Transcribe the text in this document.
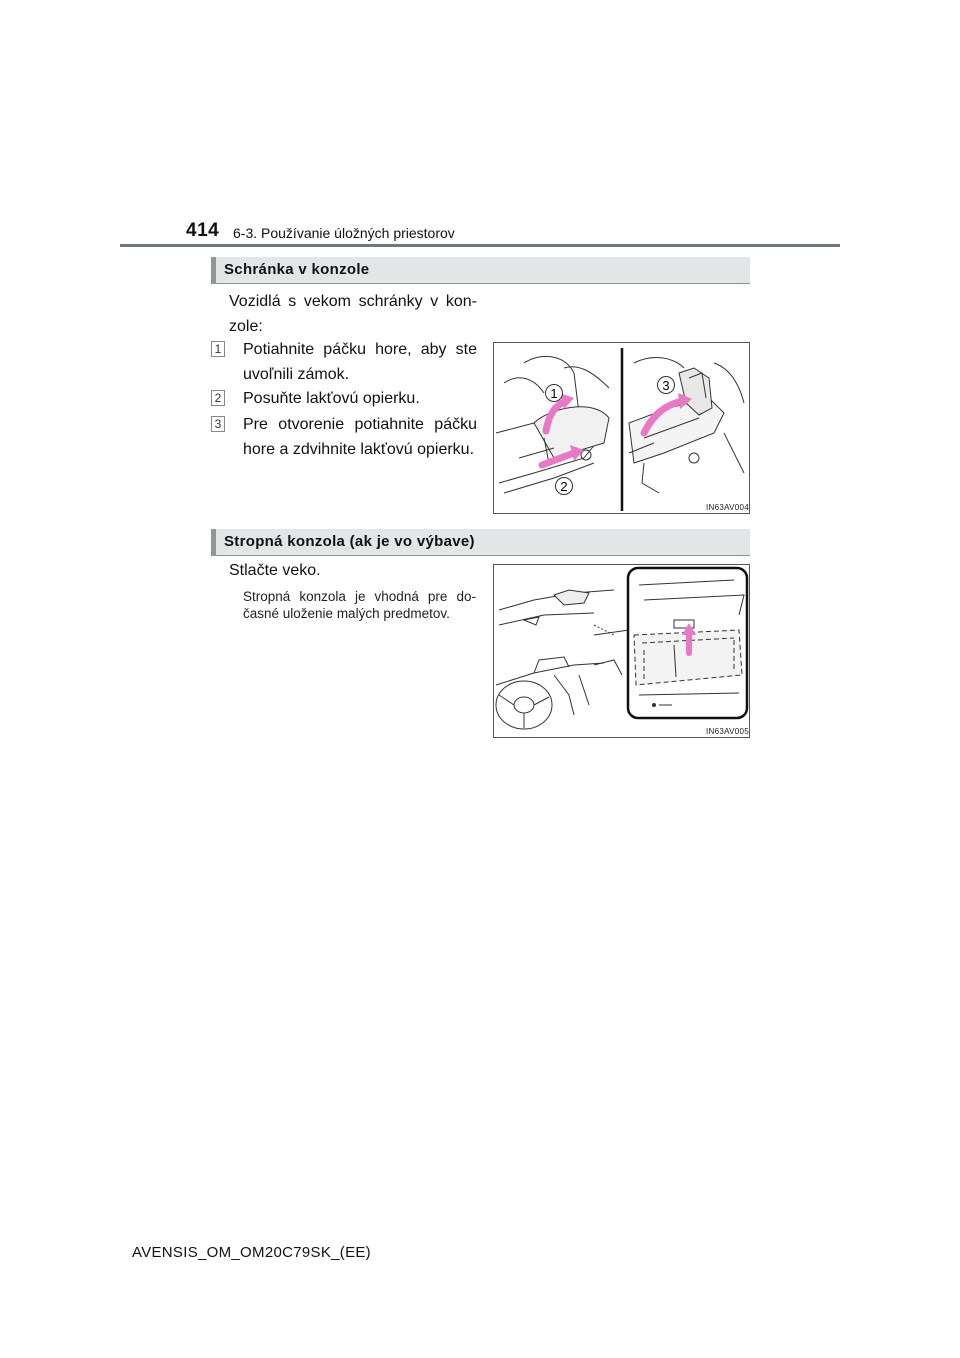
414 6-3. Používanie úložných priestorov
Schránka v konzole
Vozidlá s vekom schránky v kon-zole:
1 Potiahnite páčku hore, aby ste uvoľnili zámok.
2 Posuňte lakťovú opierku.
3 Pre otvorenie potiahnite páčku hore a zdvihnite lakťovú opierku.
1
2
3
IN63AV004
Stropná konzola (ak je vo výbave)
Stlačte veko.
Stropná konzola je vhodná pre do-časné uloženie malých predmetov.
IN63AV005
AVENSIS_OM_OM20C79SK_(EE)
